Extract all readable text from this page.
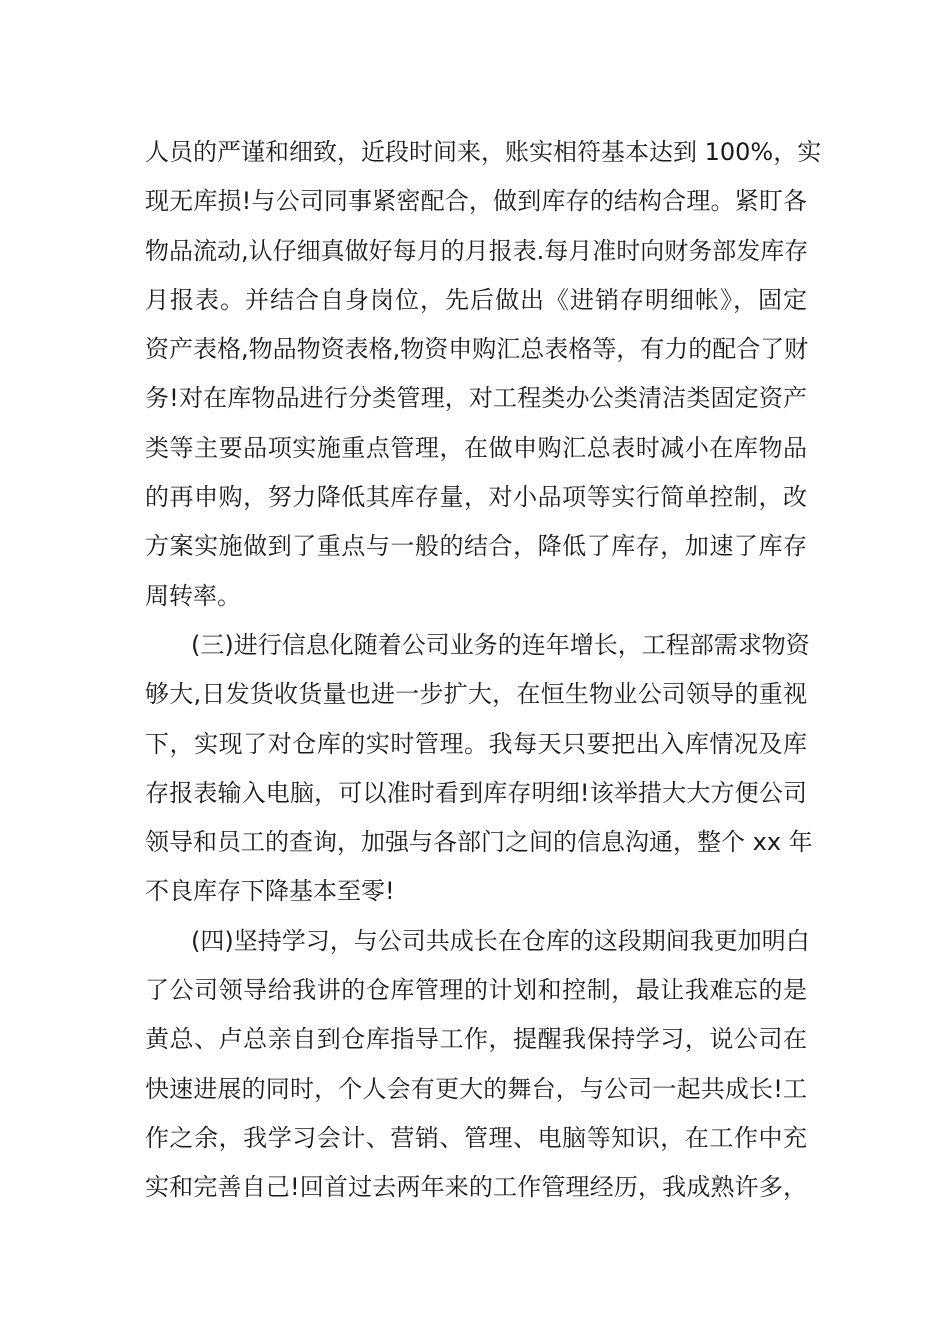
人员的严谨和细致，近段时间来，账实相符基本达到 100%，实
现无库损!与公司同事紧密配合，做到库存的结构合理。紧盯各
物品流动,认仔细真做好每月的月报表.每月准时向财务部发库存
月报表。并结合自身岗位，先后做出《进销存明细帐》，固定
资产表格,物品物资表格,物资申购汇总表格等，有力的配合了财
务!对在库物品进行分类管理，对工程类办公类清洁类固定资产
类等主要品项实施重点管理，在做申购汇总表时减小在库物品
的再申购，努力降低其库存量，对小品项等实行简单控制，改
方案实施做到了重点与一般的结合，降低了库存，加速了库存
周转率。
(三)进行信息化随着公司业务的连年增长，工程部需求物资
够大,日发货收货量也进一步扩大，在恒生物业公司领导的重视
下，实现了对仓库的实时管理。我每天只要把出入库情况及库
存报表输入电脑，可以准时看到库存明细!该举措大大方便公司
领导和员工的查询，加强与各部门之间的信息沟通，整个 xx 年
不良库存下降基本至零!
(四)坚持学习，与公司共成长在仓库的这段期间我更加明白
了公司领导给我讲的仓库管理的计划和控制，最让我难忘的是
黄总、卢总亲自到仓库指导工作，提醒我保持学习，说公司在
快速进展的同时，个人会有更大的舞台，与公司一起共成长!工
作之余，我学习会计、营销、管理、电脑等知识，在工作中充
实和完善自己!回首过去两年来的工作管理经历，我成熟许多，
